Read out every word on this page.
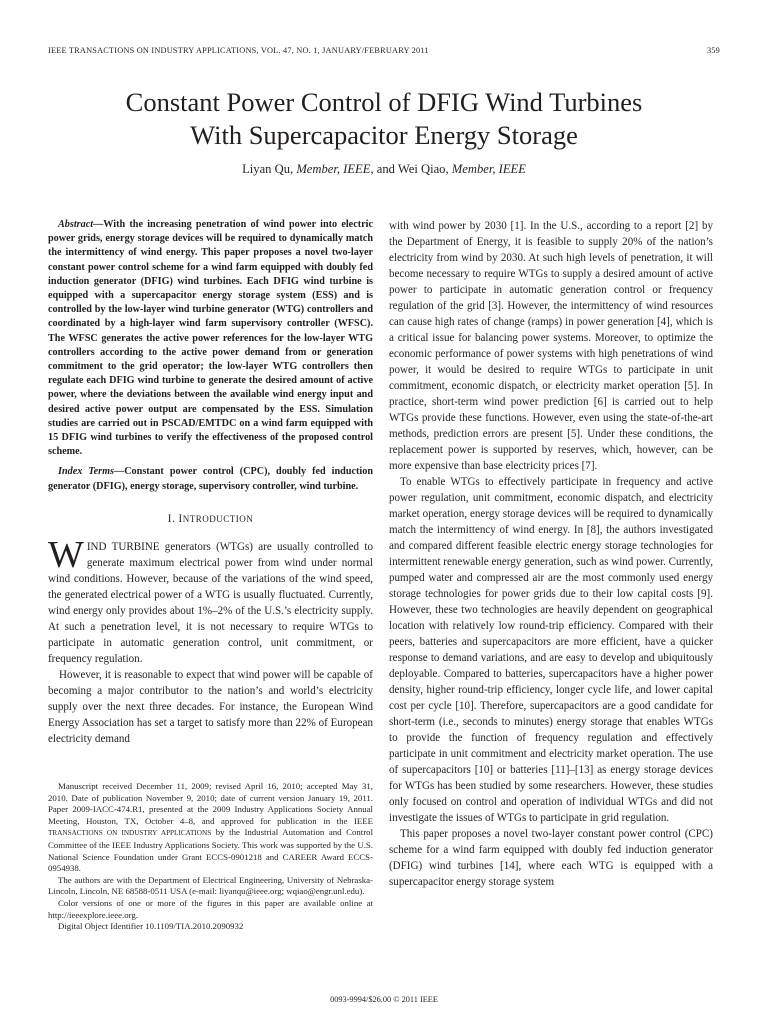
IEEE TRANSACTIONS ON INDUSTRY APPLICATIONS, VOL. 47, NO. 1, JANUARY/FEBRUARY 2011	359
Constant Power Control of DFIG Wind Turbines
With Supercapacitor Energy Storage
Liyan Qu, Member, IEEE, and Wei Qiao, Member, IEEE

Abstract—With the increasing penetration of wind power into electric power grids, energy storage devices will be required to dynamically match the intermittency of wind energy. This paper proposes a novel two-layer constant power control scheme for a wind farm equipped with doubly fed induction generator (DFIG) wind turbines. Each DFIG wind turbine is equipped with a supercapacitor energy storage system (ESS) and is controlled by the low-layer wind turbine generator (WTG) controllers and coordinated by a high-layer wind farm supervisory controller (WFSC). The WFSC generates the active power references for the low-layer WTG controllers according to the active power demand from or generation commitment to the grid operator; the low-layer WTG controllers then regulate each DFIG wind turbine to generate the desired amount of active power, where the deviations between the available wind energy input and desired active power output are compensated by the ESS. Simulation studies are carried out in PSCAD/EMTDC on a wind farm equipped with 15 DFIG wind turbines to verify the effectiveness of the proposed control scheme.

Index Terms—Constant power control (CPC), doubly fed induction generator (DFIG), energy storage, supervisory controller, wind turbine.

I. INTRODUCTION

WIND TURBINE generators (WTGs) are usually controlled to generate maximum electrical power from wind under normal wind conditions. However, because of the variations of the wind speed, the generated electrical power of a WTG is usually fluctuated. Currently, wind energy only provides about 1%–2% of the U.S.’s electricity supply. At such a penetration level, it is not necessary to require WTGs to participate in automatic generation control, unit commitment, or frequency regulation.

However, it is reasonable to expect that wind power will be capable of becoming a major contributor to the nation’s and world’s electricity supply over the next three decades. For instance, the European Wind Energy Association has set a target to satisfy more than 22% of European electricity demand

Manuscript received December 11, 2009; revised April 16, 2010; accepted May 31, 2010. Date of publication November 9, 2010; date of current version January 19, 2011. Paper 2009-IACC-474.R1, presented at the 2009 Industry Applications Society Annual Meeting, Houston, TX, October 4–8, and approved for publication in the IEEE TRANSACTIONS ON INDUSTRY APPLICATIONS by the Industrial Automation and Control Committee of the IEEE Industry Applications Society. This work was supported by the U.S. National Science Foundation under Grant ECCS-0901218 and CAREER Award ECCS-0954938.

The authors are with the Department of Electrical Engineering, University of Nebraska-Lincoln, Lincoln, NE 68588-0511 USA (e-mail: liyanqu@ieee.org; wqiao@engr.unl.edu).

Color versions of one or more of the figures in this paper are available online at http://ieeexplore.ieee.org.

Digital Object Identifier 10.1109/TIA.2010.2090932

with wind power by 2030 [1]. In the U.S., according to a report [2] by the Department of Energy, it is feasible to supply 20% of the nation’s electricity from wind by 2030. At such high levels of penetration, it will become necessary to require WTGs to supply a desired amount of active power to participate in automatic generation control or frequency regulation of the grid [3]. However, the intermittency of wind resources can cause high rates of change (ramps) in power generation [4], which is a critical issue for balancing power systems. Moreover, to optimize the economic performance of power systems with high penetrations of wind power, it would be desired to require WTGs to participate in unit commitment, economic dispatch, or electricity market operation [5]. In practice, short-term wind power prediction [6] is carried out to help WTGs provide these functions. However, even using the state-of-the-art methods, prediction errors are present [5]. Under these conditions, the replacement power is supported by reserves, which, however, can be more expensive than base electricity prices [7].

To enable WTGs to effectively participate in frequency and active power regulation, unit commitment, economic dispatch, and electricity market operation, energy storage devices will be required to dynamically match the intermittency of wind energy. In [8], the authors investigated and compared different feasible electric energy storage technologies for intermittent renewable energy generation, such as wind power. Currently, pumped water and compressed air are the most commonly used energy storage technologies for power grids due to their low capital costs [9]. However, these two technologies are heavily dependent on geographical location with relatively low round-trip efficiency. Compared with their peers, batteries and supercapacitors are more efficient, have a quicker response to demand variations, and are easy to develop and ubiquitously deployable. Compared to batteries, supercapacitors have a higher power density, higher round-trip efficiency, longer cycle life, and lower capital cost per cycle [10]. Therefore, supercapacitors are a good candidate for short-term (i.e., seconds to minutes) energy storage that enables WTGs to provide the function of frequency regulation and effectively participate in unit commitment and electricity market operation. The use of supercapacitors [10] or batteries [11]–[13] as energy storage devices for WTGs has been studied by some researchers. However, these studies only focused on control and operation of individual WTGs and did not investigate the issues of WTGs to participate in grid regulation.

This paper proposes a novel two-layer constant power control (CPC) scheme for a wind farm equipped with doubly fed induction generator (DFIG) wind turbines [14], where each WTG is equipped with a supercapacitor energy storage system

0093-9994/$26.00 © 2011 IEEE
